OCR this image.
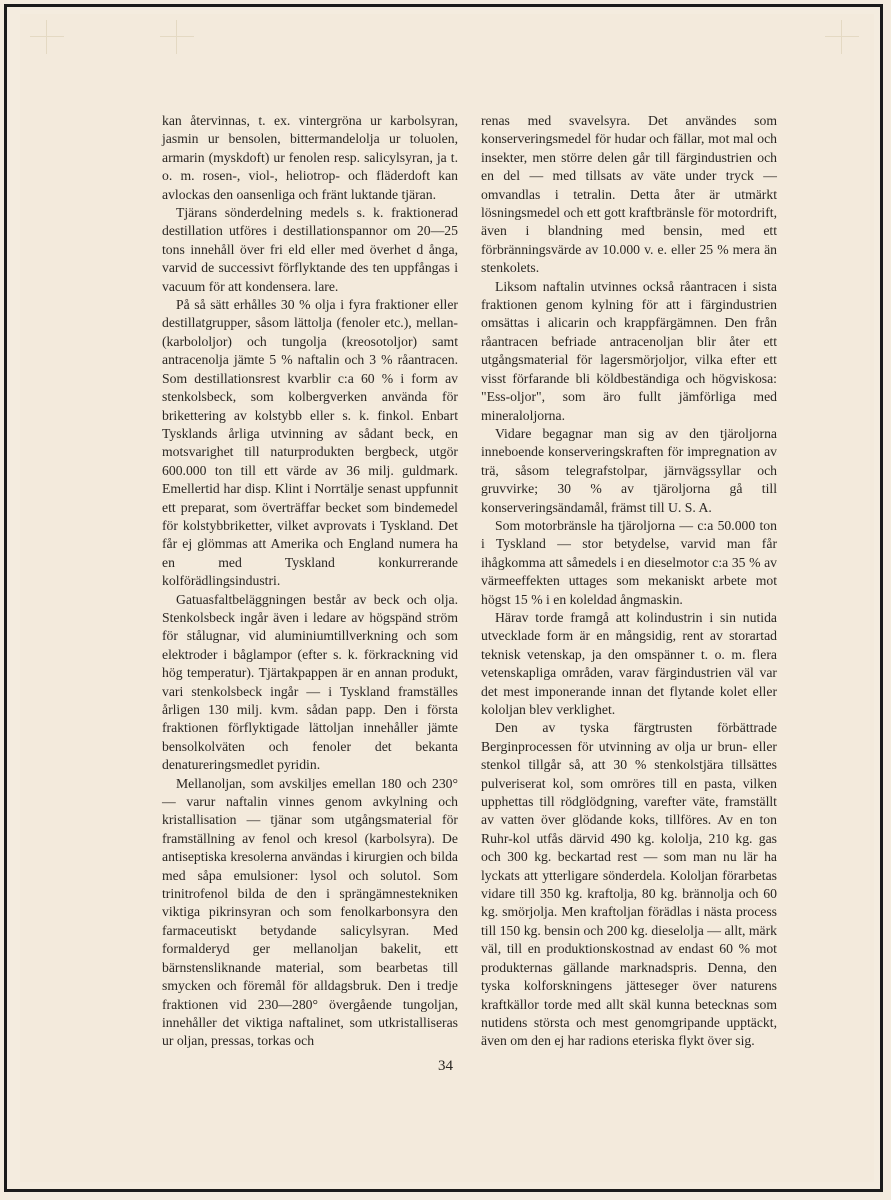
kan återvinnas, t. ex. vintergröna ur karbolsyran, jasmin ur bensolen, bittermandelolja ur toluolen, armarin (myskdoft) ur fenolen resp. salicylsyran, ja t. o. m. rosen-, viol-, heliotrop- och fläderdoft kan avlockas den oansenliga och fränt luktande tjäran.

Tjärans sönderdelning medels s. k. fraktionerad destillation utföres i destillationspannor om 20—25 tons innehåll över fri eld eller med överhet d ånga, varvid de successivt förflyktande des ten uppfångas i vacuum för att kondensera. lare.

På så sätt erhålles 30 % olja i fyra fraktioner eller destillatgrupper, såsom lättolja (fenoler etc.), mellan- (karbololjor) och tungolja (kreosotoljor) samt antracenolja jämte 5 % naftalin och 3 % råantracen. Som destillationsrest kvarblir c:a 60 % i form av stenkolsbeck, som kolbergverken använda för brikettering av kolstybb eller s. k. finkol. Enbart Tysklands årliga utvinning av sådant beck, en motsvarighet till naturprodukten bergbeck, utgör 600.000 ton till ett värde av 36 milj. guldmark. Emellertid har disp. Klint i Norrtälje senast uppfunnit ett preparat, som överträffar becket som bindemedel för kolstybbriketter, vilket avprovats i Tyskland. Det får ej glömmas att Amerika och England numera ha en med Tyskland konkurrerande kolförädlingsindustri.

Gatuasfaltbeläggningen består av beck och olja. Stenkolsbeck ingår även i ledare av högspänd ström för stålugnar, vid aluminiumtillverkning och som elektroder i båglampor (efter s. k. förkrackning vid hög temperatur). Tjärtakpappen är en annan produkt, vari stenkolsbeck ingår — i Tyskland framställes årligen 130 milj. kvm. sådan papp. Den i första fraktionen förflyktigade lättoljan innehåller jämte bensolkolväten och fenoler det bekanta denatureringsmedlet pyridin.

Mellanoljan, som avskiljes emellan 180 och 230° — varur naftalin vinnes genom avkylning och kristallisation — tjänar som utgångsmaterial för framställning av fenol och kresol (karbolsyra). De antiseptiska kresolerna användas i kirurgien och bilda med såpa emulsioner: lysol och solutol. Som trinitrofenol bilda de den i sprängämnestekniken viktiga pikrinsyran och som fenolkarbonsyra den farmaceutiskt betydande salicylsyran. Med formalderyd ger mellanoljan bakelit, ett bärnstensliknande material, som bearbetas till smycken och föremål för alldagsbruk. Den i tredje fraktionen vid 230—280° övergående tungoljan, innehåller det viktiga naftalinet, som utkristalliseras ur oljan, pressas, torkas och

renas med svavelsyra. Det användes som konserveringsmedel för hudar och fällar, mot mal och insekter, men större delen går till färgindustrien och en del — med tillsats av väte under tryck — omvandlas i tetralin. Detta åter är utmärkt lösningsmedel och ett gott kraftbränsle för motordrift, även i blandning med bensin, med ett förbränningsvärde av 10.000 v. e. eller 25 % mera än stenkolets.

Liksom naftalin utvinnes också råantracen i sista fraktionen genom kylning för att i färgindustrien omsättas i alicarin och krappfärgämnen. Den från råantracen befriade antracenoljan blir åter ett utgångsmaterial för lagersmörjoljor, vilka efter ett visst förfarande bli köldbeständiga och högviskosa: "Ess-oljor", som äro fullt jämförliga med mineraloljorna.

Vidare begagnar man sig av den tjäroljorna inneboende konserveringskraften för impregnation av trä, såsom telegrafstolpar, järnvägssyllar och gruvvirke; 30 % av tjäroljorna gå till konserveringsändamål, främst till U. S. A.

Som motorbränsle ha tjäroljorna — c:a 50.000 ton i Tyskland — stor betydelse, varvid man får ihågkomma att såmedels i en dieselmotor c:a 35 % av värmeeffekten uttages som mekaniskt arbete mot högst 15 % i en koleldad ångmaskin.

Härav torde framgå att kolindustrin i sin nutida utvecklade form är en mångsidig, rent av storartad teknisk vetenskap, ja den omspänner t. o. m. flera vetenskapliga områden, varav färgindustrien väl var det mest imponerande innan det flytande kolet eller kololjan blev verklighet.

Den av tyska färgtrusten förbättrade Berginprocessen för utvinning av olja ur brun- eller stenkol tillgår så, att 30 % stenkolstjära tillsättes pulveriserat kol, som omröres till en pasta, vilken upphettas till rödglödgning, varefter väte, framställt av vatten över glödande koks, tillföres. Av en ton Ruhr-kol utfås därvid 490 kg. kololja, 210 kg. gas och 300 kg. beckartad rest — som man nu lär ha lyckats att ytterligare sönderdela. Kololjan förarbetas vidare till 350 kg. kraftolja, 80 kg. brännolja och 60 kg. smörjolja. Men kraftoljan förädlas i nästa process till 150 kg. bensin och 200 kg. dieselolja — allt, märk väl, till en produktionskostnad av endast 60 % mot produkternas gällande marknadspris. Denna, den tyska kolforskningens jätteseger över naturens kraftkällor torde med allt skäl kunna betecknas som nutidens största och mest genomgripande upptäckt, även om den ej har radions eteriska flykt över sig.

34
